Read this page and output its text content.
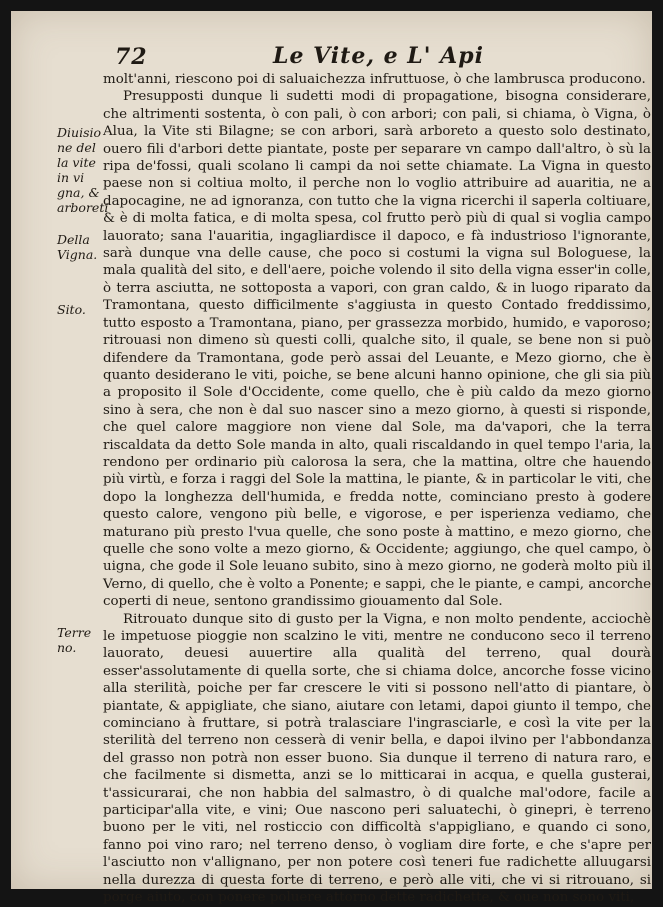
72	Le Vite, e L' Api
Diuisio ne del la vite in vi gna, & arboreti
Della Vigna.
Sito.
Terre no.

molt'anni, riescono poi di saluaichezza infruttuose, ò che lambrusca producono.

Presupposti dunque li sudetti modi di propagatione, bisogna considerare, che altrimenti sostenta, ò con pali, ò con arbori; con pali, si chiama, ò Vigna, ò Alua, la Vite sti Bilagne; se con arbori, sarà arboreto a questo solo destinato, ouero fili d'arbori dette piantate, poste per separare vn campo dall'altro, ò sù la ripa de'fossi, quali scolano li campi da noi sette chiamate. La Vigna in questo paese non si coltiua molto, il perche non lo voglio attribuire ad auaritia, ne a dapocagine, ne ad ignoranza, con tutto che la vigna ricerchi il saperla coltiuare, & è di molta fatica, e di molta spesa, col frutto però più di qual si voglia campo lauorato; sana l'auaritia, ingagliardisce il dapoco, e fà industrioso l'ignorante, sarà dunque vna delle cause, che poco si costumi la vigna sul Bologuese, la mala qualità del sito, e dell'aere, poiche volendo il sito della vigna esser'in colle, ò terra asciutta, ne sottoposta a vapori, con gran caldo, & in luogo riparato da Tramontana, questo difficilmente s'aggiusta in questo Contado freddissimo, tutto esposto a Tramontana, piano, per grassezza morbido, humido, e vaporoso; ritrouasi non dimeno sù questi colli, qualche sito, il quale, se bene non si può difendere da Tramontana, gode però assai del Leuante, e Mezo giorno, che è quanto desiderano le viti, poiche, se bene alcuni hanno opinione, che gli sia più a proposito il Sole d'Occidente, come quello, che è più caldo da mezo giorno sino à sera, che non è dal suo nascer sino a mezo giorno, à questi si risponde, che quel calore maggiore non viene dal Sole, ma da'vapori, che la terra riscaldata da detto Sole manda in alto, quali riscaldando in quel tempo l'aria, la rendono per ordinario più calorosa la sera, che la mattina, oltre che hauendo più virtù, e forza i raggi del Sole la mattina, le piante, & in particolar le viti, che dopo la longhezza dell'humida, e fredda notte, cominciano presto à godere questo calore, vengono più belle, e vigorose, e per isperienza vediamo, che maturano più presto l'vua quelle, che sono poste à mattino, e mezo giorno, che quelle che sono volte a mezo giorno, & Occidente; aggiungo, che quel campo, ò uigna, che gode il Sole leuano subito, sino à mezo giorno, ne goderà molto più il Verno, di quello, che è volto a Ponente; e sappi, che le piante, e campi, ancorche coperti di neue, sentono grandissimo giouamento dal Sole.

Ritrouato dunque sito di gusto per la Vigna, e non molto pendente, acciochè le impetuose pioggie non scalzino le viti, mentre ne conducono seco il terreno lauorato, deuesi auuertire alla qualità del terreno, qual dourà esser'assolutamente di quella sorte, che si chiama dolce, ancorche fosse vicino alla sterilità, poiche per far crescere le viti si possono nell'atto di piantare, ò piantate, & appigliate, che siano, aiutare con letami, dapoi giunto il tempo, che cominciano à fruttare, si potrà tralasciare l'ingrasciarle, e così la vite per la sterilità del terreno non cesserà di venir bella, e dapoi ilvino per l'abbondanza del grasso non potrà non esser buono. Sia dunque il terreno di natura raro, e che facilmente si dismetta, anzi se lo mitticarai in acqua, e quella gusterai, t'assicurarai, che non habbia del salmastro, ò di qualche mal'odore, facile a participar'alla vite, e vini; Oue nascono peri saluatechi, ò ginepri, è terreno buono per le viti, nel rosticcio con difficoltà s'appigliano, e quando ci sono, fanno poi vino raro; nel terreno denso, ò vogliam dire forte, e che s'apre per l'asciutto non v'allignano, per non potere così teneri fue radichette alluugarsi nella durezza di questa forte di terreno, e però alle viti, che vi si ritrouano, si porge aiuto, con ponere poluere attorno dette radichette, & oue non sono viti,
